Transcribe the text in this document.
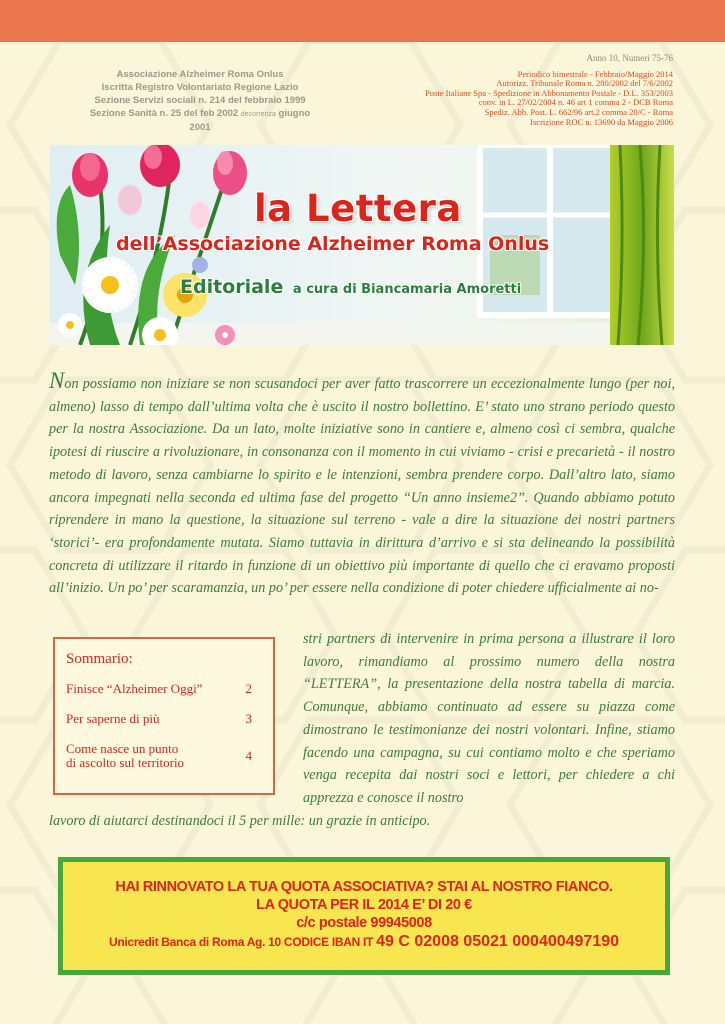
Associazione Alzheimer Roma Onlus
Iscritta Registro Volontariato Regione Lazio
Sezione Servizi sociali n. 214 del febbraio 1999
Sezione Sanità n. 25 del feb 2002 decorrenza giugno 2001
Anno 10, Numeri 75-76
Periodico bimestrale - Febbraio/Maggio 2014
Autorizz. Tribunale Roma n. 280/2002 del 7/6/2002
Poste Italiane Spa - Spedizione in Abbonamento Postale - D.L. 353/2003
conv. in L. 27/02/2004 n. 46 art 1 comma 2 - DCB Roma
Spediz. Abb. Post. L. 662/96 art.2 comma 20/C - Roma
Iscrizione ROC n. 13690 da Maggio 2006
la Lettera
dell’Associazione Alzheimer Roma Onlus
Editoriale a cura di Biancamaria Amoretti

Non possiamo non iniziare se non scusandoci per aver fatto trascorrere un eccezionalmente lungo (per noi, almeno) lasso di tempo dall’ultima volta che è uscito il nostro bollettino. E’ stato uno strano periodo questo per la nostra Associazione. Da un lato, molte iniziative sono in cantiere e, almeno così ci sembra, qualche ipotesi di riuscire a rivoluzionare, in consonanza con il momento in cui viviamo - crisi e precarietà - il nostro metodo di lavoro, senza cambiarne lo spirito e le intenzioni, sembra prendere corpo. Dall’altro lato, siamo ancora impegnati nella seconda ed ultima fase del progetto “Un anno insieme2”. Quando abbiamo potuto riprendere in mano la questione, la situazione sul terreno - vale a dire la situazione dei nostri partners ‘storici’- era profondamente mutata. Siamo tuttavia in dirittura d’arrivo e si sta delineando la possibilità concreta di utilizzare il ritardo in funzione di un obiettivo più importante di quello che ci eravamo proposti all’inizio. Un po’ per scaramanzia, un po’ per essere nella condizione di poter chiedere ufficialmente ai no-

Sommario:
Finisce “Alzheimer Oggi”	2
Per saperne di più	3
Come nasce un punto
di ascolto sul territorio	4

stri partners di intervenire in prima persona a illustrare il loro lavoro, rimandiamo al prossimo numero della nostra “LETTERA”, la presentazione della nostra tabella di marcia. Comunque, abbiamo continuato ad essere su piazza come dimostrano le testimonianze dei nostri volontari. Infine, stiamo facendo una campagna, su cui contiamo molto e che speriamo venga recepita dai nostri soci e lettori, per chiedere a chi apprezza e conosce il nostro

lavoro di aiutarci destinandoci il 5 per mille: un grazie in anticipo.

HAI RINNOVATO LA TUA QUOTA ASSOCIATIVA? STAI AL NOSTRO FIANCO.
LA QUOTA PER IL 2014 E’ DI 20 €
c/c postale 99945008
Unicredit Banca di Roma Ag. 10 CODICE IBAN IT 49 C 02008 05021 000400497190
